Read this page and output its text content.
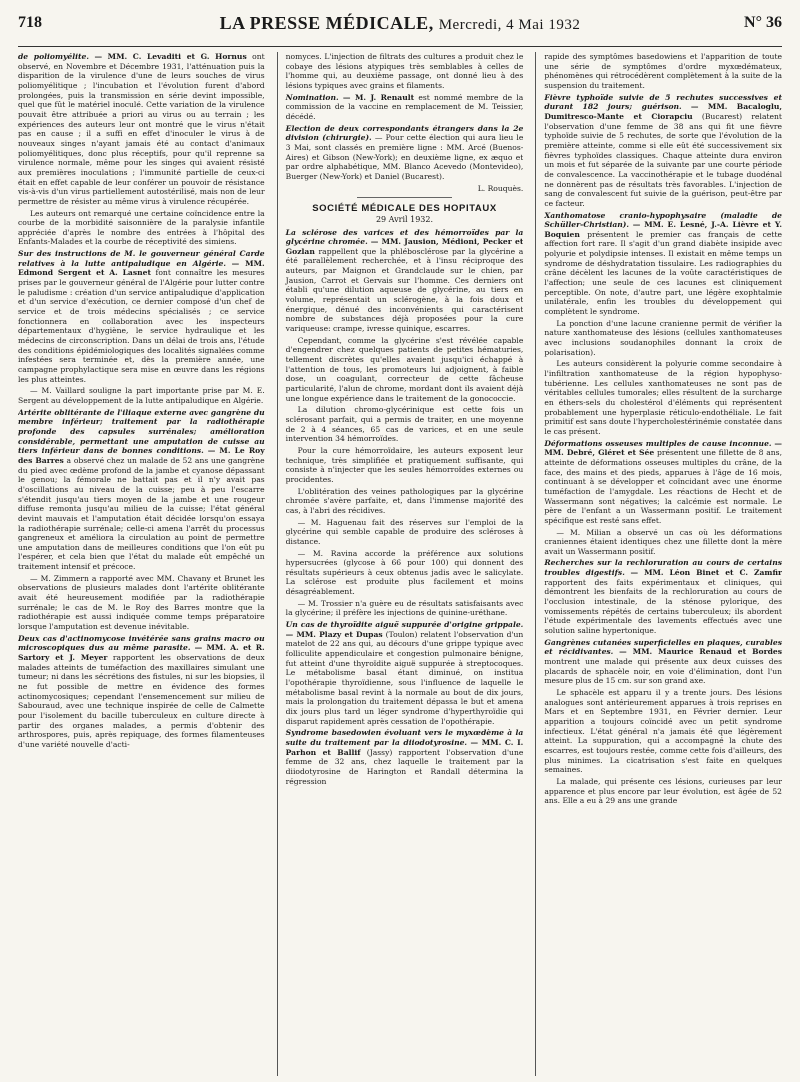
718	LA PRESSE MÉDICALE, Mercredi, 4 Mai 1932	N° 36

de poliomyélite. — MM. C. Levaditi et G. Hornus ont observé, en Novembre et Décembre 1931, l'atténuation puis la disparition de la virulence d'une de leurs souches de virus poliomyélitique ; l'incubation et l'évolution furent d'abord prolongées, puis la transmission en série devint impossible, quel que fût le matériel inoculé. Cette variation de la virulence pouvait être attribuée a priori au virus ou au terrain ; les expériences des auteurs leur ont montré que le virus n'était pas en cause ; il a suffi en effet d'inoculer le virus à de nouveaux singes n'ayant jamais été au contact d'animaux poliomyélitiques, donc plus réceptifs, pour qu'il reprenne sa virulence normale, même pour les singes qui avaient résisté aux premières inoculations ; l'immunité partielle de ceux-ci était en effet capable de leur conférer un pouvoir de résistance vis-à-vis d'un virus partiellement autostérilisé, mais non de leur permettre de résister au même virus à virulence récupérée.

Les auteurs ont remarqué une certaine coïncidence entre la courbe de la morbidité saisonnière de la paralysie infantile appréciée d'après le nombre des entrées à l'hôpital des Enfants-Malades et la courbe de réceptivité des simiens.

Sur des instructions de M. le gouverneur général Carde relatives à la lutte antipaludique en Algérie. — MM. Edmond Sergent et A. Lasnet font connaître les mesures prises par le gouverneur général de l'Algérie pour lutter contre le paludisme : création d'un service antipaludique d'application et d'un service d'exécution, ce dernier composé d'un chef de service et de trois médecins spécialisés ; ce service fonctionnera en collaboration avec les inspecteurs départementaux d'hygiène, le service hydraulique et les médecins de circonscription. Dans un délai de trois ans, l'étude des conditions épidémiologiques des localités signalées comme infestées sera terminée et, dès la première année, une campagne prophylactique sera mise en œuvre dans les régions les plus atteintes.

— M. Vaillard souligne la part importante prise par M. E. Sergent au développement de la lutte antipaludique en Algérie.

Artérite oblitérante de l'iliaque externe avec gangrène du membre inférieur; traitement par la radiothérapie profonde des capsules surrénales; amélioration considérable, permettant une amputation de cuisse au tiers inférieur dans de bonnes conditions. — M. Le Roy des Barres a observé chez un malade de 52 ans une gangrène du pied avec œdème profond de la jambe et cyanose dépassant le genou; la fémorale ne battait pas et il n'y avait pas d'oscillations au niveau de la cuisse; peu à peu l'escarre s'étendit jusqu'au tiers moyen de la jambe et une rougeur diffuse remonta jusqu'au milieu de la cuisse; l'état général devint mauvais et l'amputation était décidée lorsqu'on essaya la radiothérapie surrénale; celle-ci amena l'arrêt du processus gangreneux et améliora la circulation au point de permettre une amputation dans de meilleures conditions que l'on eût pu l'espérer, et cela bien que l'état du malade eût empêché un traitement intensif et précoce.

— M. Zimmern a rapporté avec MM. Chavany et Brunet les observations de plusieurs malades dont l'artérite oblitérante avait été heureusement modifiée par la radiothérapie surrénale; le cas de M. le Roy des Barres montre que la radiothérapie est aussi indiquée comme temps préparatoire lorsque l'amputation est devenue inévitable.

Deux cas d'actinomycose invétérée sans grains macro ou microscopiques dus au même parasite. — MM. A. et R. Sartory et J. Meyer rapportent les observations de deux malades atteints de tuméfaction des maxillaires simulant une tumeur; ni dans les sécrétions des fistules, ni sur les biopsies, il ne fut possible de mettre en évidence des formes actinomycosiques; cependant l'ensemencement sur milieu de Sabouraud, avec une technique inspirée de celle de Calmette pour l'isolement du bacille tuberculeux en culture directe à partir des organes malades, a permis d'obtenir des arthrospores, puis, après repiquage, des formes filamenteuses d'une variété nouvelle d'acti-

nomyces. L'injection de filtrats des cultures a produit chez le cobaye des lésions atypiques très semblables à celles de l'homme qui, au deuxième passage, ont donné lieu à des lésions typiques avec grains et filaments.

Nomination. — M. J. Renault est nommé membre de la commission de la vaccine en remplacement de M. Teissier, décédé.

Election de deux correspondants étrangers dans la 2e division (chirurgie). — Pour cette élection qui aura lieu le 3 Mai, sont classés en première ligne : MM. Arcé (Buenos-Aires) et Gibson (New-York); en deuxième ligne, ex æquo et par ordre alphabétique, MM. Blanco Acevedo (Montevideo), Buerger (New-York) et Daniel (Bucarest).

L. Rouquès.
SOCIÉTÉ MÉDICALE DES HOPITAUX
29 Avril 1932.

La sclérose des varices et des hémorroïdes par la glycérine chromée. — MM. Jausion, Médioni, Pecker et Gozlan rappellent que la phlébosclérose par la glycérine a été parallèlement recherchée, et à l'insu réciproque des auteurs, par Maignon et Grandclaude sur le chien, par Jausion, Carrot et Gervais sur l'homme. Ces derniers ont établi qu'une dilution aqueuse de glycérine, au tiers en volume, représentait un sclérogène, à la fois doux et énergique, dénué des inconvénients qui caractérisent nombre de substances déjà proposées pour la cure variqueuse: crampe, ivresse quinique, escarres.

Cependant, comme la glycérine s'est révélée capable d'engendrer chez quelques patients de petites hématuries, tellement discrètes qu'elles avaient jusqu'ici échappé à l'attention de tous, les promoteurs lui adjoignent, à faible dose, un coagulant, correcteur de cette fâcheuse particularité, l'alun de chrome, mordant dont ils avaient déjà une longue expérience dans le traitement de la gonococcie.

La dilution chromo-glycérinique est cette fois un sclérosant parfait, qui a permis de traiter, en une moyenne de 2 à 4 séances, 65 cas de varices, et en une seule intervention 34 hémorroïdes.

Pour la cure hémorroïdaire, les auteurs exposent leur technique, très simplifiée et pratiquement suffisante, qui consiste à n'injecter que les seules hémorroïdes externes ou procidentes.

L'oblitération des veines pathologiques par la glycérine chromée s'avère parfaite, et, dans l'immense majorité des cas, à l'abri des récidives.

— M. Haguenau fait des réserves sur l'emploi de la glycérine qui semble capable de produire des scléroses à distance.

— M. Ravina accorde la préférence aux solutions hypersucrées (glycose à 66 pour 100) qui donnent des résultats supérieurs à ceux obtenus jadis avec le salicylate. La sclérose est produite plus facilement et moins désagréablement.

— M. Trossier n'a guère eu de résultats satisfaisants avec la glycérine; il préfère les injections de quinine-uréthane.

Un cas de thyroïdite aiguë suppurée d'origine grippale. — MM. Plazy et Dupas (Toulon) relatent l'observation d'un matelot de 22 ans qui, au décours d'une grippe typique avec folliculite appendiculaire et congestion pulmonaire bénigne, fut atteint d'une thyroïdite aiguë suppurée à streptocoques. Le métabolisme basal étant diminué, on institua l'opothérapie thyroïdienne, sous l'influence de laquelle le métabolisme basal revint à la normale au bout de dix jours, mais la prolongation du traitement dépassa le but et amena dix jours plus tard un léger syndrome d'hyperthyroïdie qui disparut rapidement après cessation de l'opothérapie.

Syndrome basedowien évoluant vers le myxœdème à la suite du traitement par la diiodotyrosine. — MM. C. I. Parhon et Ballif (Jassy) rapportent l'observation d'une femme de 32 ans, chez laquelle le traitement par la diiodotyrosine de Harington et Randall détermina la régression

rapide des symptômes basedowiens et l'apparition de toute une série de symptômes d'ordre myxœdémateux, phénomènes qui rétrocédèrent complètement à la suite de la suspension du traitement.

Fièvre typhoïde suivie de 5 rechutes successives et durant 182 jours; guérison. — MM. Bacaloglu, Dumitresco-Mante et Ciorapciu (Bucarest) relatent l'observation d'une femme de 38 ans qui fit une fièvre typhoïde suivie de 5 rechutes, de sorte que l'évolution de la première atteinte, comme si elle eût été successivement six fièvres typhoïdes classiques. Chaque atteinte dura environ un mois et fut séparée de la suivante par une courte période de convalescence. La vaccinothérapie et le tubage duodénal ne donnèrent pas de résultats très favorables. L'injection de sang de convalescent fut suivie de la guérison, peut-être par ce facteur.

Xanthomatose cranio-hypophysaire (maladie de Schüller-Christian). — MM. E. Lesné, J.-A. Lièvre et Y. Boquien présentent le premier cas français de cette affection fort rare. Il s'agit d'un grand diabète insipide avec polyurie et polydipsie intenses. Il existait en même temps un syndrome de déshydratation tissulaire. Les radiographies du crâne décèlent les lacunes de la voûte caractéristiques de l'affection; une seule de ces lacunes est cliniquement perceptible. On note, d'autre part, une légère exophtalmie unilatérale, enfin les troubles du développement qui complètent le syndrome.

La ponction d'une lacune cranienne permit de vérifier la nature xanthomateuse des lésions (cellules xanthomateuses avec inclusions soudanophiles donnant la croix de polarisation).

Les auteurs considèrent la polyurie comme secondaire à l'infiltration xanthomateuse de la région hypophyso-tubérienne. Les cellules xanthomateuses ne sont pas de véritables cellules tumorales; elles résultent de la surcharge en éthers-sels du cholestérol d'éléments qui représentent probablement une hyperplasie réticulo-endothéliale. Le fait primitif est sans doute l'hypercholestérinémie constatée dans le cas présent.

Déformations osseuses multiples de cause inconnue. — MM. Debré, Gléret et Sée présentent une fillette de 8 ans, atteinte de déformations osseuses multiples du crâne, de la face, des mains et des pieds, apparues à l'âge de 16 mois, continuant à se développer et coïncidant avec une énorme tuméfaction de l'amygdale. Les réactions de Hecht et de Wassermann sont négatives; la calcémie est normale. Le père de l'enfant a un Wassermann positif. Le traitement spécifique est resté sans effet.

— M. Milian a observé un cas où les déformations craniennes étaient identiques chez une fillette dont la mère avait un Wassermann positif.

Recherches sur la rechloruration au cours de certains troubles digestifs. — MM. Léon Binet et C. Zamfir rapportent des faits expérimentaux et cliniques, qui démontrent les bienfaits de la rechloruration au cours de l'occlusion intestinale, de la sténose pylorique, des vomissements répétés de certains tuberculeux; ils abordent l'étude expérimentale des lavements effectués avec une solution saline hypertonique.

Gangrènes cutanées superficielles en plaques, curables et récidivantes. — MM. Maurice Renaud et Bordes montrent une malade qui présente aux deux cuisses des placards de sphacèle noir, en voie d'élimination, dont l'un mesure plus de 15 cm. sur son grand axe.

Le sphacèle est apparu il y a trente jours. Des lésions analogues sont antérieurement apparues à trois reprises en Mars et en Septembre 1931, en Février dernier. Leur apparition a toujours coïncidé avec un petit syndrome infectieux. L'état général n'a jamais été que légèrement atteint. La suppuration, qui a accompagné la chute des escarres, est toujours restée, comme cette fois d'ailleurs, des plus minimes. La cicatrisation s'est faite en quelques semaines.

La malade, qui présente ces lésions, curieuses par leur apparence et plus encore par leur évolution, est âgée de 52 ans. Elle a eu à 29 ans une grande
